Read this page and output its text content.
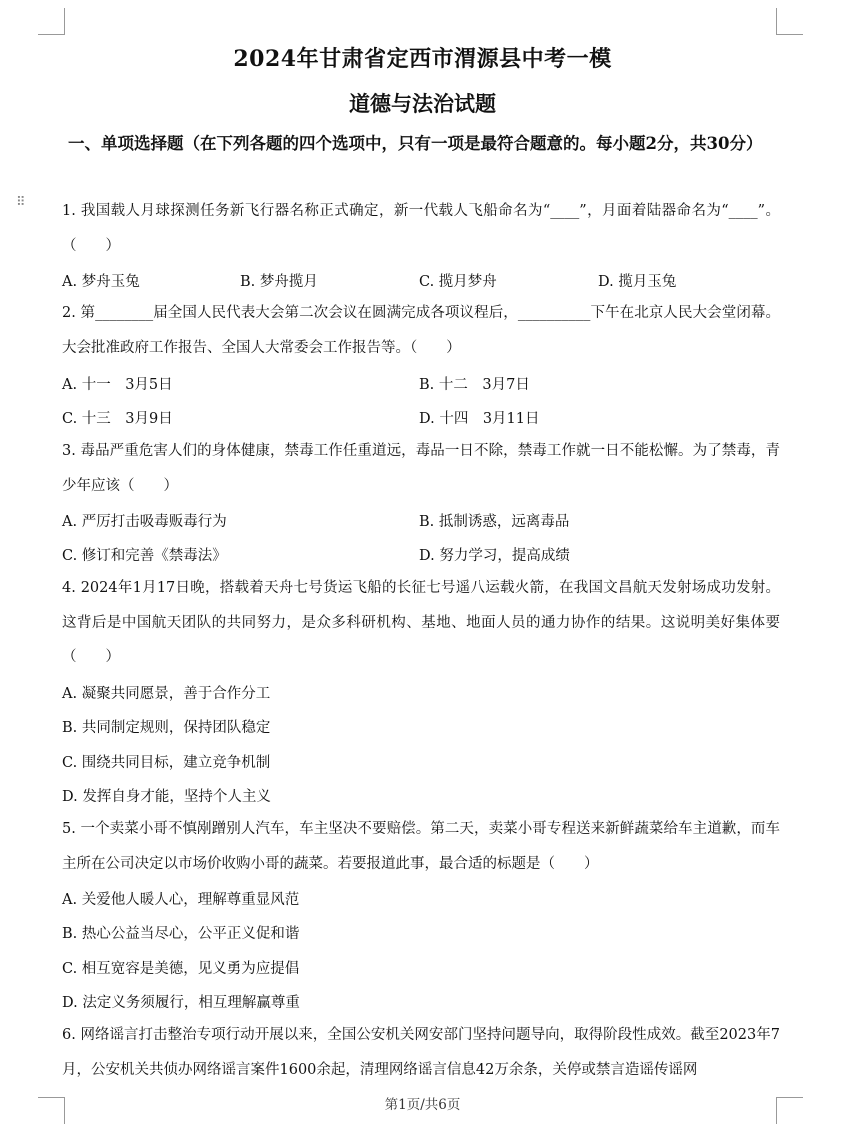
2024年甘肃省定西市渭源县中考一模
道德与法治试题
一、单项选择题（在下列各题的四个选项中，只有一项是最符合题意的。每小题2分，共30分）
⠿
1. 我国载人月球探测任务新飞行器名称正式确定，新一代载人飞船命名为“____”，月面着陆器命名为“____”。（　　）
A. 梦舟玉兔	B. 梦舟揽月	C. 揽月梦舟	D. 揽月玉兔
2. 第________届全国人民代表大会第二次会议在圆满完成各项议程后，__________下午在北京人民大会堂闭幕。大会批准政府工作报告、全国人大常委会工作报告等。（　　）
A. 十一　3月5日	B. 十二　3月7日
C. 十三　3月9日	D. 十四　3月11日
3. 毒品严重危害人们的身体健康，禁毒工作任重道远，毒品一日不除，禁毒工作就一日不能松懈。为了禁毒，青少年应该（　　）
A. 严厉打击吸毒贩毒行为	B. 抵制诱惑，远离毒品
C. 修订和完善《禁毒法》	D. 努力学习，提高成绩
4. 2024年1月17日晚，搭载着天舟七号货运飞船的长征七号遥八运载火箭，在我国文昌航天发射场成功发射。这背后是中国航天团队的共同努力，是众多科研机构、基地、地面人员的通力协作的结果。这说明美好集体要（　　）
A. 凝聚共同愿景，善于合作分工
B. 共同制定规则，保持团队稳定
C. 围绕共同目标，建立竞争机制
D. 发挥自身才能，坚持个人主义
5. 一个卖菜小哥不慎剐蹭别人汽车，车主坚决不要赔偿。第二天，卖菜小哥专程送来新鲜蔬菜给车主道歉，而车主所在公司决定以市场价收购小哥的蔬菜。若要报道此事，最合适的标题是（　　）
A. 关爱他人暖人心，理解尊重显风范
B. 热心公益当尽心，公平正义促和谐
C. 相互宽容是美德，见义勇为应提倡
D. 法定义务须履行，相互理解赢尊重
6. 网络谣言打击整治专项行动开展以来，全国公安机关网安部门坚持问题导向，取得阶段性成效。截至2023年7月，公安机关共侦办网络谣言案件1600余起，清理网络谣言信息42万余条，关停或禁言造谣传谣网
第1页/共6页
